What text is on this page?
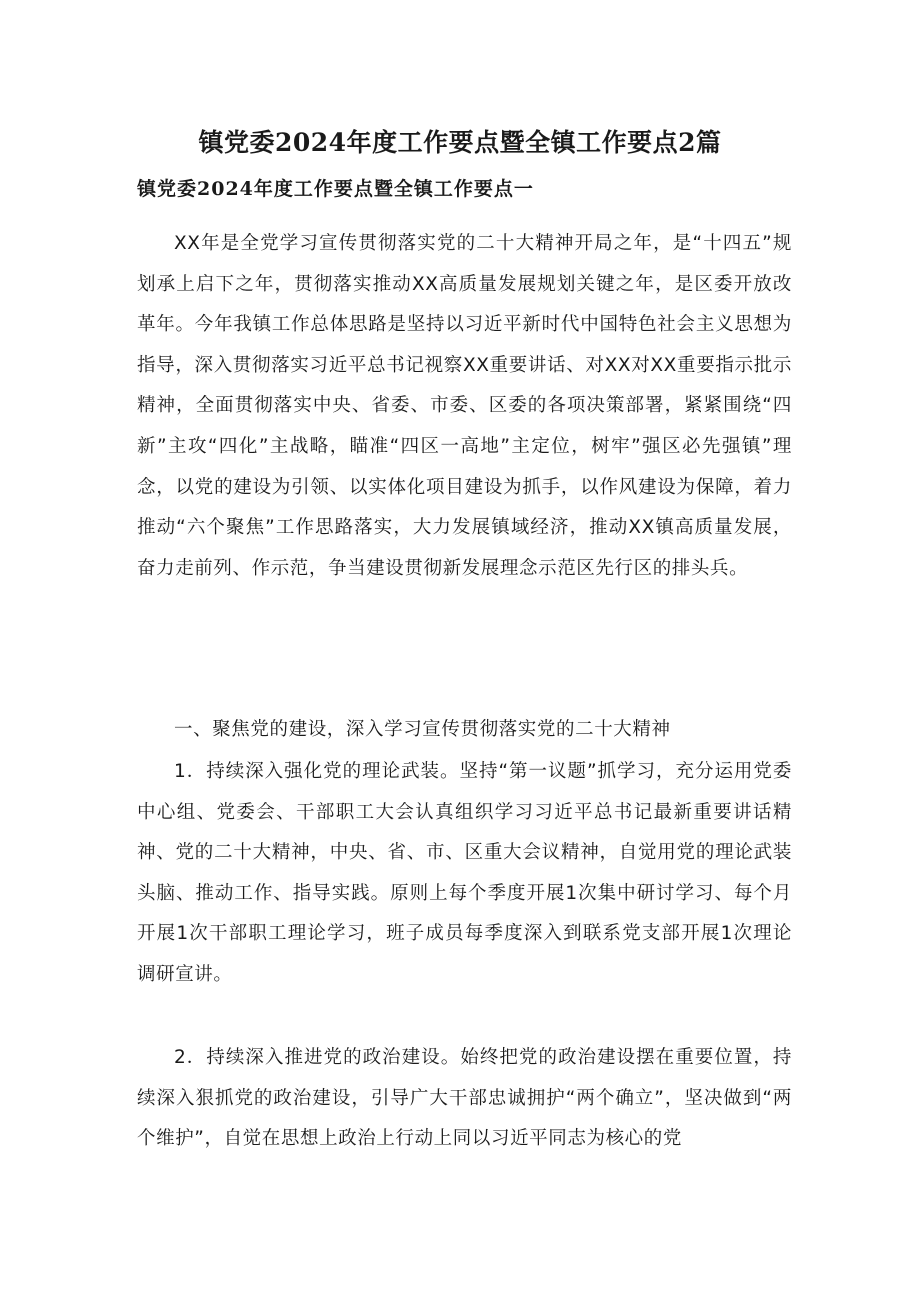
镇党委2024年度工作要点暨全镇工作要点2篇
镇党委2024年度工作要点暨全镇工作要点一

XX年是全党学习宣传贯彻落实党的二十大精神开局之年，是“十四五”规划承上启下之年，贯彻落实推动XX高质量发展规划关键之年，是区委开放改革年。今年我镇工作总体思路是坚持以习近平新时代中国特色社会主义思想为指导，深入贯彻落实习近平总书记视察XX重要讲话、对XX对XX重要指示批示精神，全面贯彻落实中央、省委、市委、区委的各项决策部署，紧紧围绕“四新”主攻“四化”主战略，瞄准“四区一高地”主定位，树牢”强区必先强镇”理念，以党的建设为引领、以实体化项目建设为抓手，以作风建设为保障，着力推动“六个聚焦”工作思路落实，大力发展镇域经济，推动XX镇高质量发展，奋力走前列、作示范，争当建设贯彻新发展理念示范区先行区的排头兵。

一、聚焦党的建设，深入学习宣传贯彻落实党的二十大精神

1．持续深入强化党的理论武装。坚持“第一议题”抓学习，充分运用党委中心组、党委会、干部职工大会认真组织学习习近平总书记最新重要讲话精神、党的二十大精神，中央、省、市、区重大会议精神，自觉用党的理论武装头脑、推动工作、指导实践。原则上每个季度开展1次集中研讨学习、每个月开展1次干部职工理论学习，班子成员每季度深入到联系党支部开展1次理论调研宣讲。

2．持续深入推进党的政治建设。始终把党的政治建设摆在重要位置，持续深入狠抓党的政治建设，引导广大干部忠诚拥护“两个确立”，坚决做到“两个维护”，自觉在思想上政治上行动上同以习近平同志为核心的党
